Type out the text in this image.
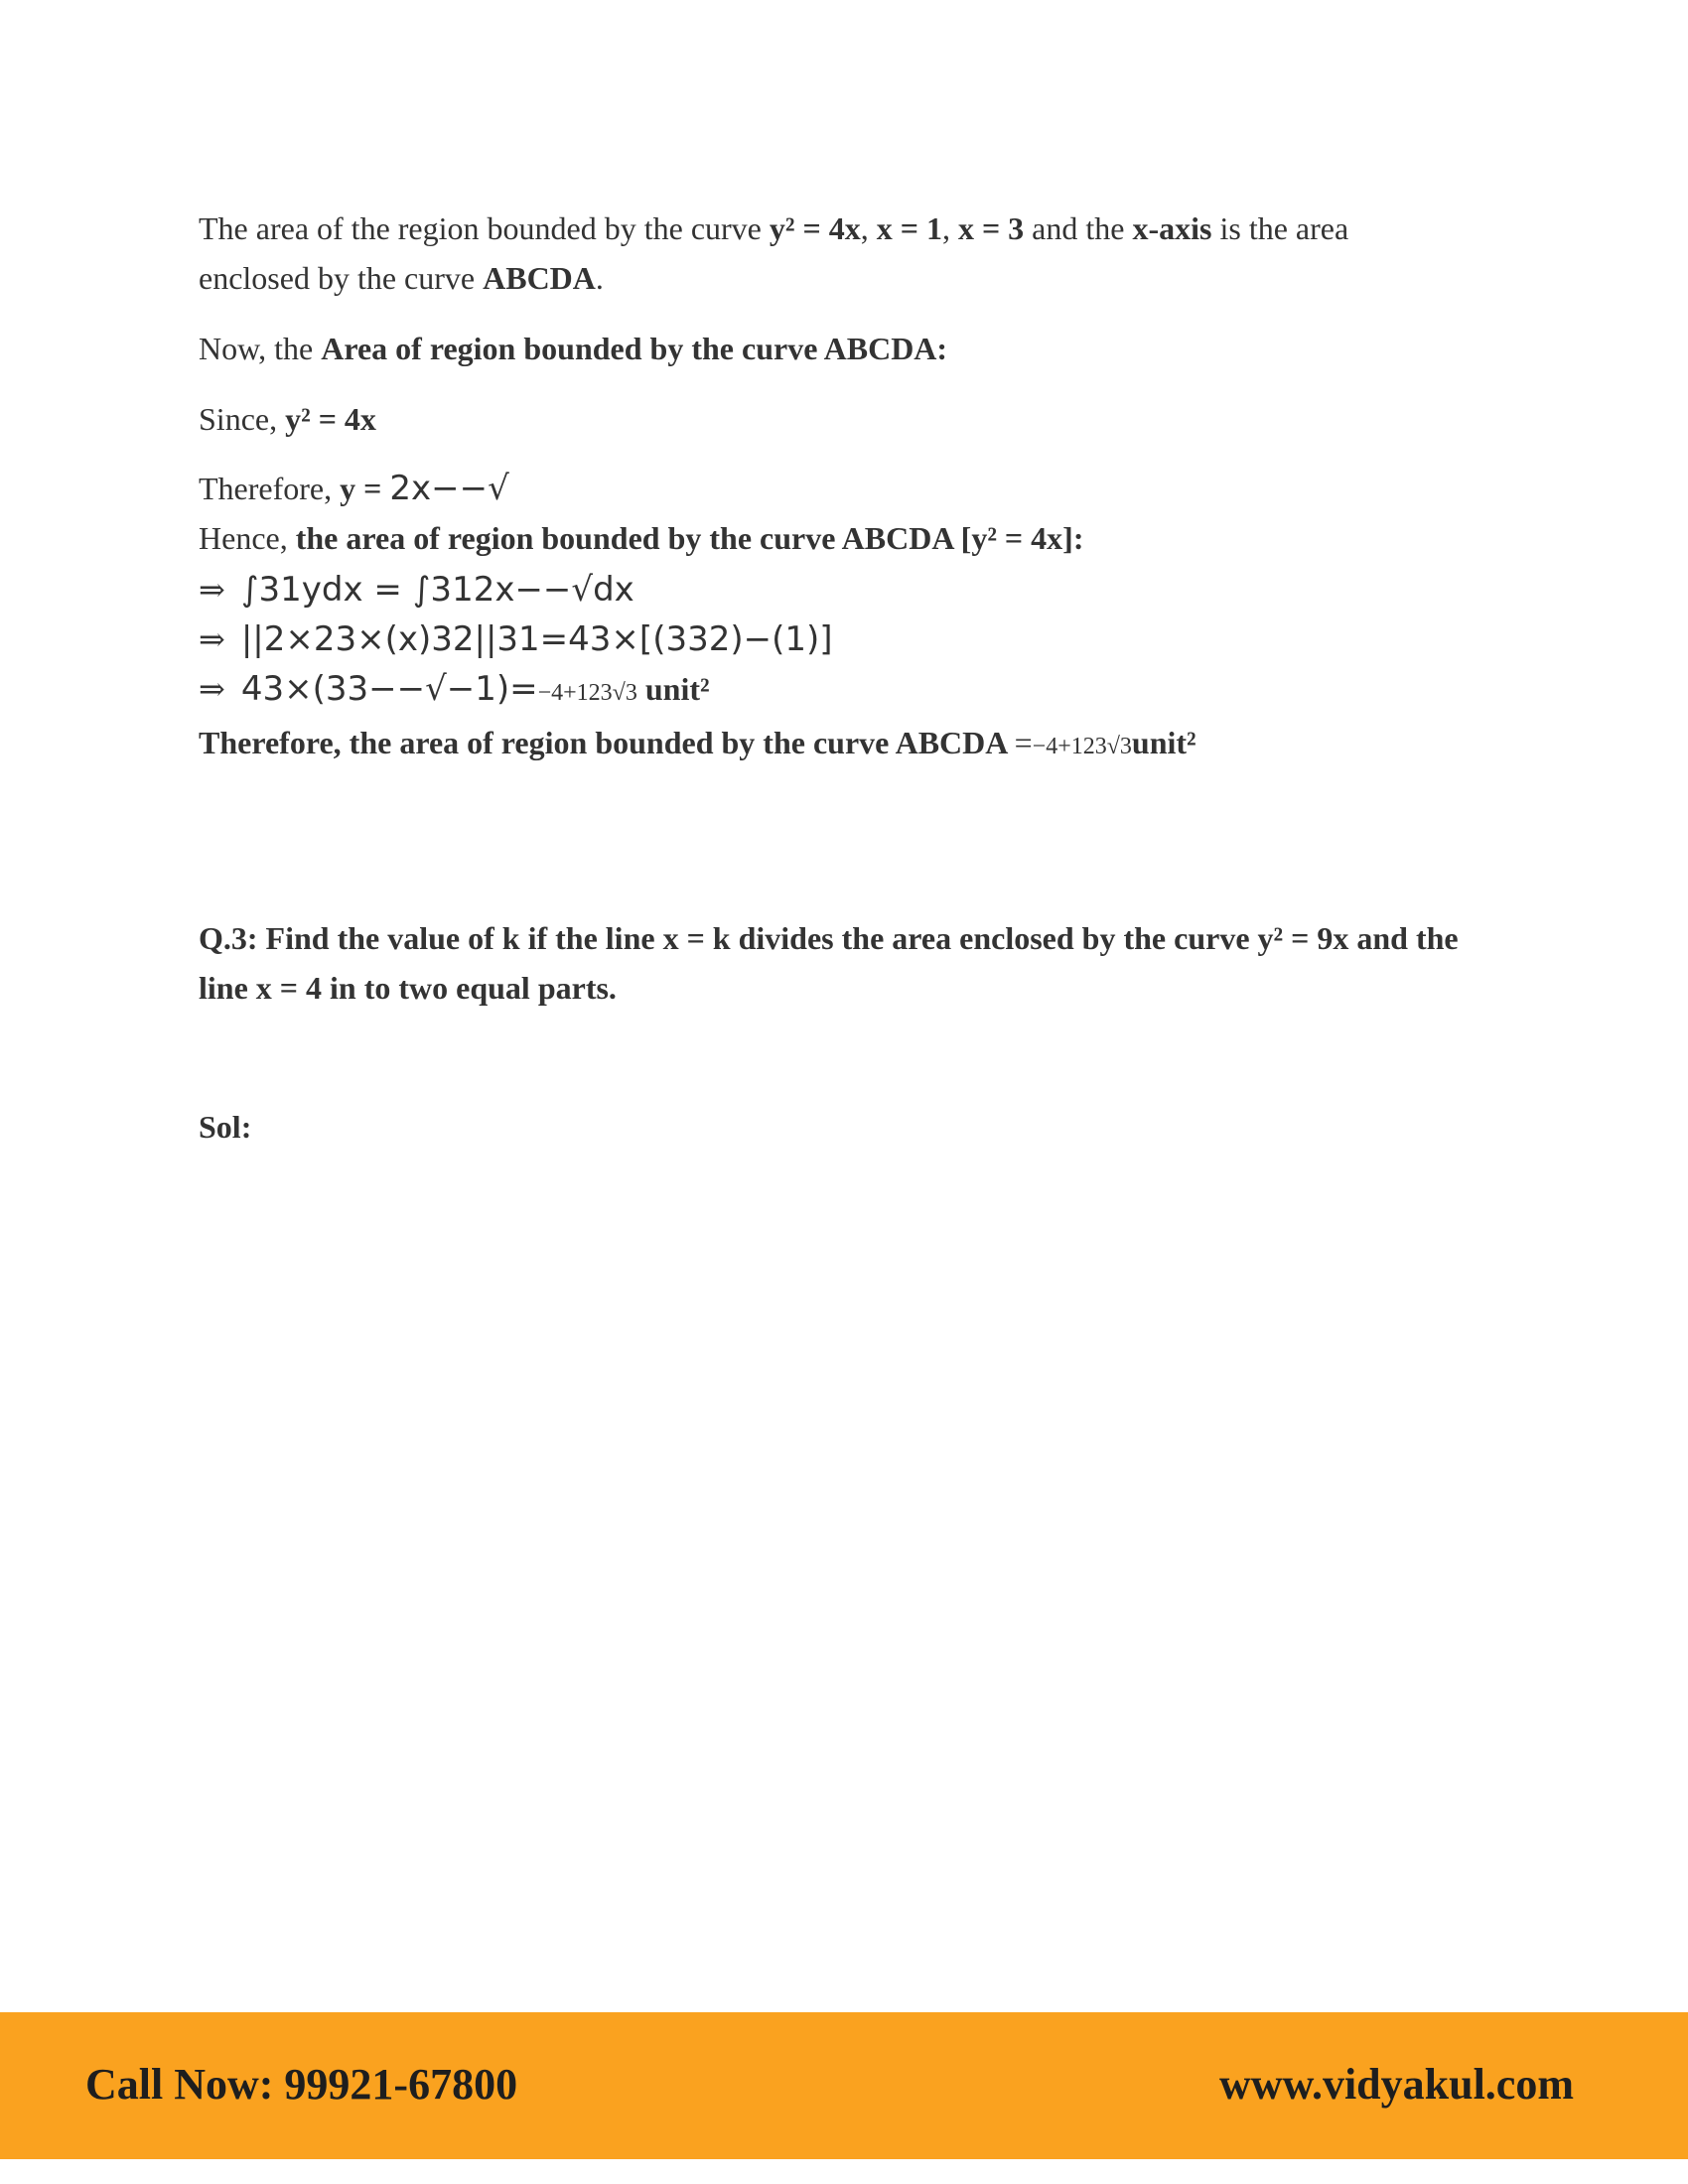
The area of the region bounded by the curve y² = 4x, x = 1, x = 3 and the x-axis is the area enclosed by the curve ABCDA.

Now, the Area of region bounded by the curve ABCDA:

Since, y² = 4x

Therefore, y = 2x−−√

Hence, the area of region bounded by the curve ABCDA [y² = 4x]:

⇒ ∫31ydx = ∫312x−−√dx

⇒ ||2×23×(x)32||31=43×[(332)−(1)]

⇒ 43×(33−−√−1)=−4+123√3 unit²

Therefore, the area of region bounded by the curve ABCDA =−4+123√3unit²

Q.3: Find the value of k if the line x = k divides the area enclosed by the curve y² = 9x and the line x = 4 in to two equal parts.

Sol:

Call Now: 99921-67800	www.vidyakul.com
